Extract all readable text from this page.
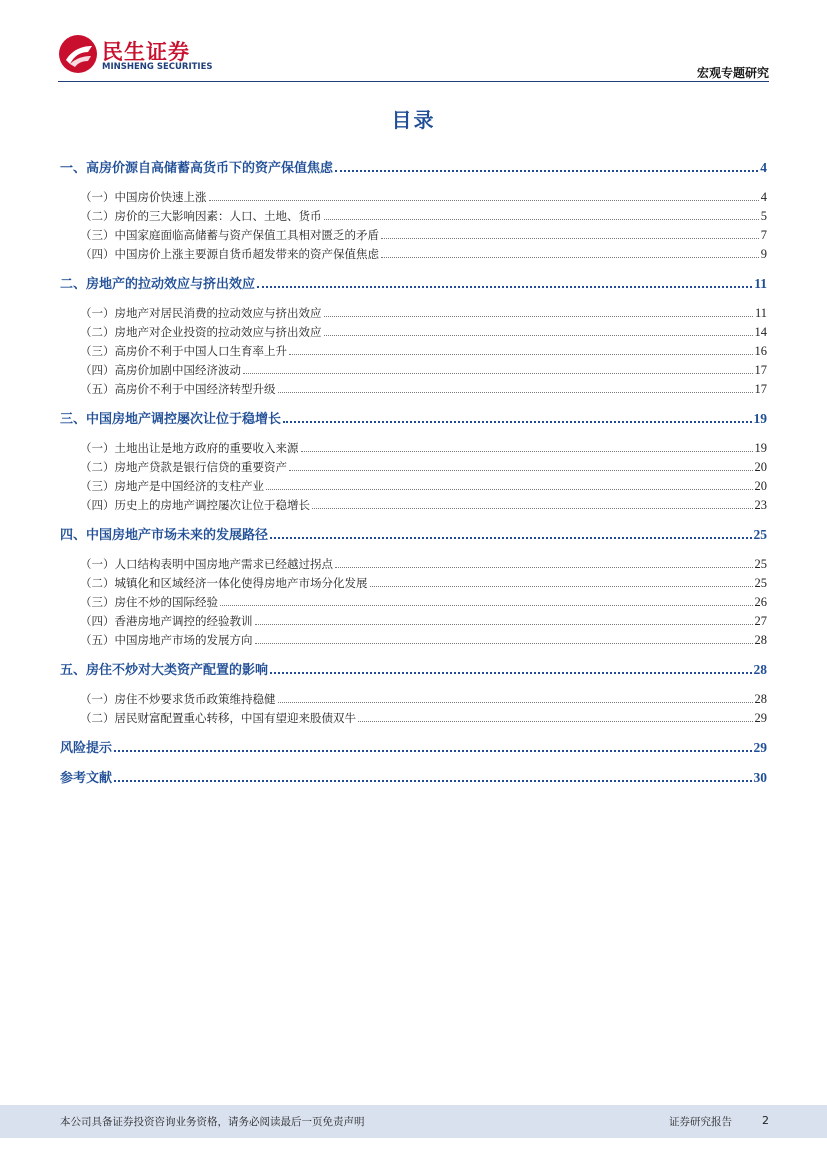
民生证券
MINSHENG SECURITIES	宏观专题研究
目录
一、高房价源自高储蓄高货币下的资产保值焦虑	4
（一）中国房价快速上涨	4
（二）房价的三大影响因素：人口、土地、货币	5
（三）中国家庭面临高储蓄与资产保值工具相对匮乏的矛盾	7
（四）中国房价上涨主要源自货币超发带来的资产保值焦虑	9
二、房地产的拉动效应与挤出效应	11
（一）房地产对居民消费的拉动效应与挤出效应	11
（二）房地产对企业投资的拉动效应与挤出效应	14
（三）高房价不利于中国人口生育率上升	16
（四）高房价加剧中国经济波动	17
（五）高房价不利于中国经济转型升级	17
三、中国房地产调控屡次让位于稳增长	19
（一）土地出让是地方政府的重要收入来源	19
（二）房地产贷款是银行信贷的重要资产	20
（三）房地产是中国经济的支柱产业	20
（四）历史上的房地产调控屡次让位于稳增长	23
四、中国房地产市场未来的发展路径	25
（一）人口结构表明中国房地产需求已经越过拐点	25
（二）城镇化和区域经济一体化使得房地产市场分化发展	25
（三）房住不炒的国际经验	26
（四）香港房地产调控的经验教训	27
（五）中国房地产市场的发展方向	28
五、房住不炒对大类资产配置的影响	28
（一）房住不炒要求货币政策维持稳健	28
（二）居民财富配置重心转移，中国有望迎来股债双牛	29
风险提示	29
参考文献	30
本公司具备证券投资咨询业务资格，请务必阅读最后一页免责声明	证券研究报告	2
